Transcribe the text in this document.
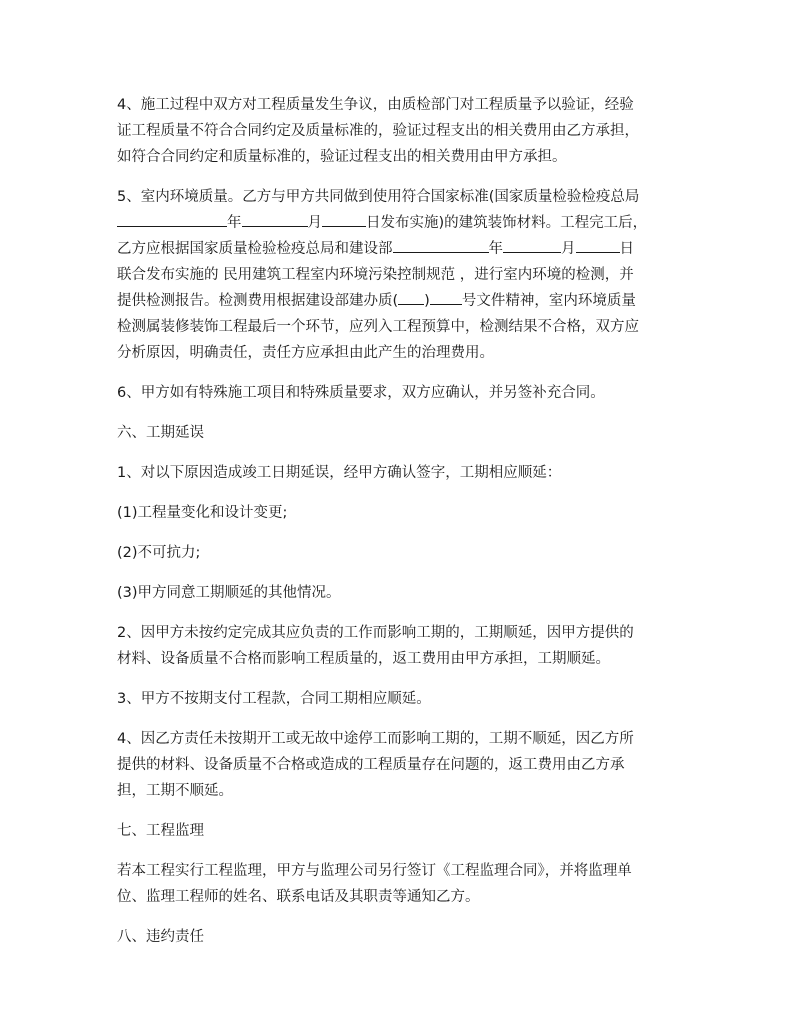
4、施工过程中双方对工程质量发生争议，由质检部门对工程质量予以验证，经验
证工程质量不符合合同约定及质量标准的，验证过程支出的相关费用由乙方承担，
如符合合同约定和质量标准的，验证过程支出的相关费用由甲方承担。

5、室内环境质量。乙方与甲方共同做到使用符合国家标准(国家质量检验检疫总局
年	月	日发布实施)的建筑装饰材料。工程完工后，
乙方应根据国家质量检验检疫总局和建设部	年	月	日
联合发布实施的 民用建筑工程室内环境污染控制规范 ，进行室内环境的检测，并
提供检测报告。检测费用根据建设部建办质( ) 号文件精神，室内环境质量
检测属装修装饰工程最后一个环节，应列入工程预算中，检测结果不合格，双方应
分析原因，明确责任，责任方应承担由此产生的治理费用。

6、甲方如有特殊施工项目和特殊质量要求，双方应确认，并另签补充合同。

六、工期延误

1、对以下原因造成竣工日期延误，经甲方确认签字，工期相应顺延：

(1)工程量变化和设计变更;

(2)不可抗力;

(3)甲方同意工期顺延的其他情况。

2、因甲方未按约定完成其应负责的工作而影响工期的，工期顺延，因甲方提供的
材料、设备质量不合格而影响工程质量的，返工费用由甲方承担，工期顺延。

3、甲方不按期支付工程款，合同工期相应顺延。

4、因乙方责任未按期开工或无故中途停工而影响工期的，工期不顺延，因乙方所
提供的材料、设备质量不合格或造成的工程质量存在问题的，返工费用由乙方承
担，工期不顺延。

七、工程监理

若本工程实行工程监理，甲方与监理公司另行签订《工程监理合同》，并将监理单
位、监理工程师的姓名、联系电话及其职责等通知乙方。

八、违约责任
